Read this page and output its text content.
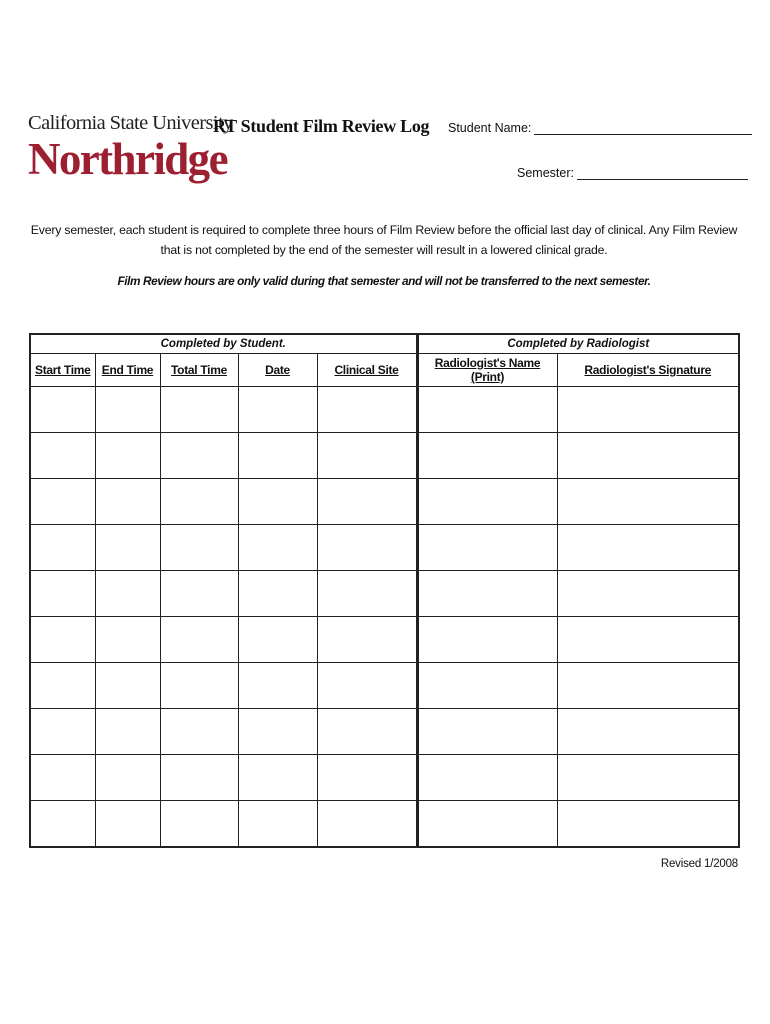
California State University
Northridge
RT Student Film Review Log Student Name:
Semester:
Every semester, each student is required to complete three hours of Film Review before the official last day of clinical. Any Film Review that is not completed by the end of the semester will result in a lowered clinical grade.
Film Review hours are only valid during that semester and will not be transferred to the next semester.
Completed by Student.					Completed by Radiologist	
Start Time	End Time	Total Time	Date	Clinical Site	Radiologist's Name (Print)	Radiologist's Signature

Revised 1/2008
